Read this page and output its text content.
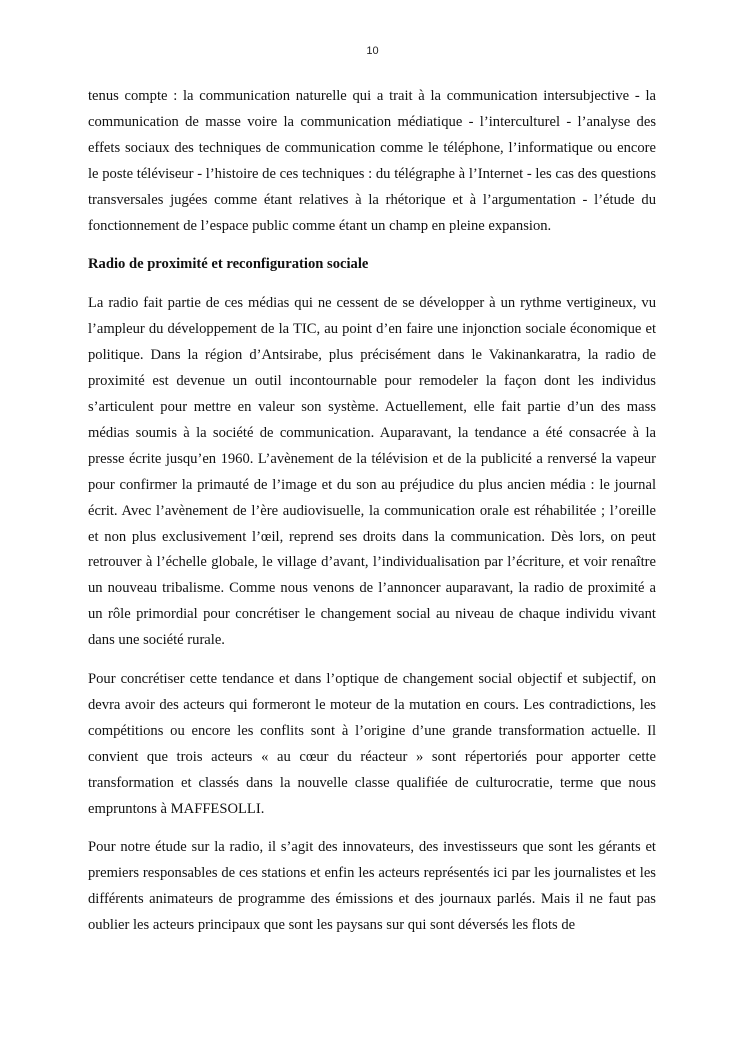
10

tenus compte : la communication naturelle qui a trait à la communication intersubjective - la communication de masse voire la communication médiatique - l’interculturel - l’analyse des effets sociaux des techniques de communication comme le téléphone, l’informatique ou encore le poste téléviseur - l’histoire de ces techniques : du télégraphe à l’Internet - les cas des questions transversales jugées comme étant relatives à la rhétorique et à l’argumentation - l’étude du fonctionnement de l’espace public comme étant un champ en pleine expansion.

Radio de proximité et reconfiguration sociale

La radio fait partie de ces médias qui ne cessent de se développer à un rythme vertigineux, vu l’ampleur du développement de la TIC, au point d’en faire une injonction sociale économique et politique. Dans la région d’Antsirabe, plus précisément dans le Vakinankaratra, la radio de proximité est devenue un outil incontournable pour remodeler la façon dont les individus s’articulent pour mettre en valeur son système. Actuellement, elle fait partie d’un des mass médias soumis à la société de communication. Auparavant, la tendance a été consacrée à la presse écrite jusqu’en 1960. L’avènement de la télévision et de la publicité a renversé la vapeur pour confirmer la primauté de l’image et du son au préjudice du plus ancien média : le journal écrit. Avec l’avènement de l’ère audiovisuelle, la communication orale est réhabilitée ; l’oreille et non plus exclusivement l’œil, reprend ses droits dans la communication. Dès lors, on peut retrouver à l’échelle globale, le village d’avant, l’individualisation par l’écriture, et voir renaître un nouveau tribalisme. Comme nous venons de l’annoncer auparavant, la radio de proximité a un rôle primordial pour concrétiser le changement social au niveau de chaque individu vivant dans une société rurale.

Pour concrétiser cette tendance et dans l’optique de changement social objectif et subjectif, on devra avoir des acteurs qui formeront le moteur de la mutation en cours. Les contradictions, les compétitions ou encore les conflits sont à l’origine d’une grande transformation actuelle. Il convient que trois acteurs « au cœur du réacteur » sont répertoriés pour apporter cette transformation et classés dans la nouvelle classe qualifiée de culturocratie, terme que nous empruntons à MAFFESOLLI.

Pour notre étude sur la radio, il s’agit des innovateurs, des investisseurs que sont les gérants et premiers responsables de ces stations et enfin les acteurs représentés ici par les journalistes et les différents animateurs de programme des émissions et des journaux parlés. Mais il ne faut pas oublier les acteurs principaux que sont les paysans sur qui sont déversés les flots de
